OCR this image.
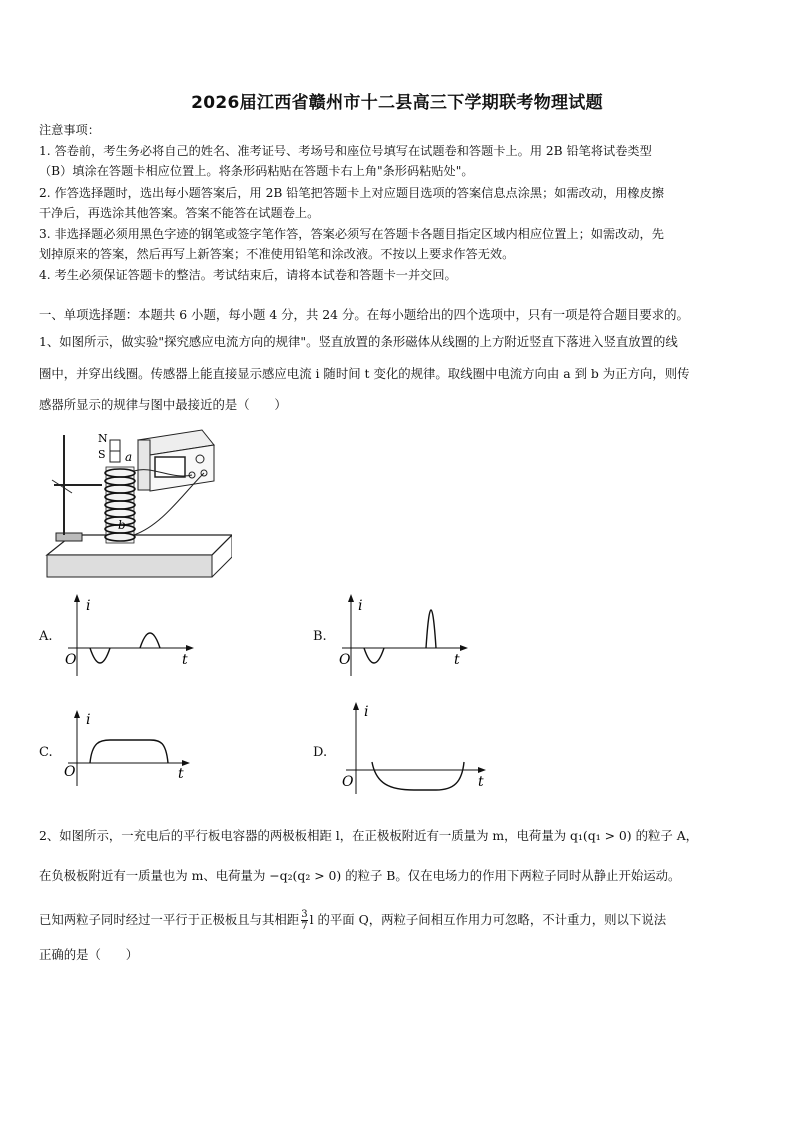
2026届江西省赣州市十二县高三下学期联考物理试题
注意事项：
1. 答卷前，考生务必将自己的姓名、准考证号、考场号和座位号填写在试题卷和答题卡上。用 2B 铅笔将试卷类型
（B）填涂在答题卡相应位置上。将条形码粘贴在答题卡右上角"条形码粘贴处"。
2. 作答选择题时，选出每小题答案后，用 2B 铅笔把答题卡上对应题目选项的答案信息点涂黑；如需改动，用橡皮擦
干净后，再选涂其他答案。答案不能答在试题卷上。
3. 非选择题必须用黑色字迹的钢笔或签字笔作答，答案必须写在答题卡各题目指定区域内相应位置上；如需改动，先
划掉原来的答案，然后再写上新答案；不准使用铅笔和涂改液。不按以上要求作答无效。
4. 考生必须保证答题卡的整洁。考试结束后，请将本试卷和答题卡一并交回。
一、单项选择题：本题共 6 小题，每小题 4 分，共 24 分。在每小题给出的四个选项中，只有一项是符合题目要求的。
1、如图所示，做实验"探究感应电流方向的规律"。竖直放置的条形磁体从线圈的上方附近竖直下落进入竖直放置的线
圈中，并穿出线圈。传感器上能直接显示感应电流 i 随时间 t 变化的规律。取线圈中电流方向由 a 到 b 为正方向，则传
感器所显示的规律与图中最接近的是（　　）
N
S a
b
A.
i
t
O
B.
i
t
O
C.
i
t
O
D.
i
t
O
2、如图所示，一充电后的平行板电容器的两极板相距 l，在正极板附近有一质量为 m，电荷量为 q₁(q₁ > 0) 的粒子 A，
在负极板附近有一质量也为 m、电荷量为 −q₂(q₂ > 0) 的粒子 B。仅在电场力的作用下两粒子同时从静止开始运动。
已知两粒子同时经过一平行于正极板且与其相距 $\frac{3}{7}$ l 的平面 Q，两粒子间相互作用力可忽略，不计重力，则以下说法
正确的是（　　）
